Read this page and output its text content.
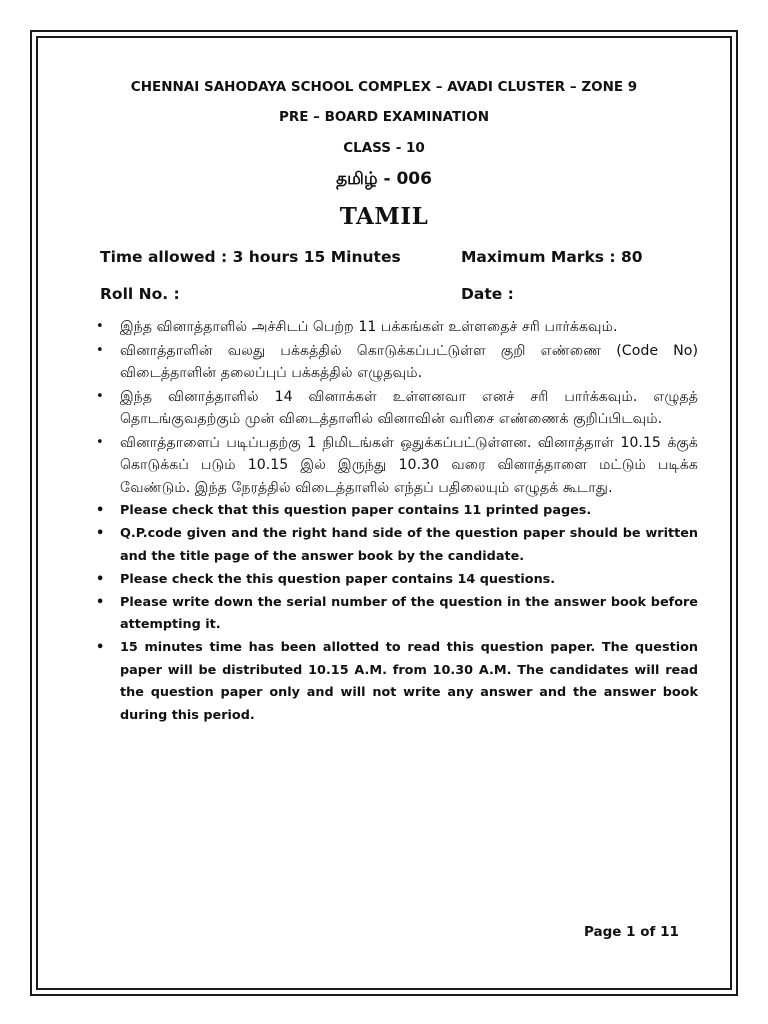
CHENNAI SAHODAYA SCHOOL COMPLEX – AVADI CLUSTER – ZONE 9
PRE – BOARD EXAMINATION
CLASS - 10
தமிழ் - 006
TAMIL
Time allowed : 3 hours 15 Minutes	Maximum Marks : 80
Roll No. :	Date :
• இந்த வினாத்தாளில் அச்சிடப் பெற்ற 11 பக்கங்கள் உள்ளதைச் சரி பார்க்கவும்.
• வினாத்தாளின் வலது பக்கத்தில் கொடுக்கப்பட்டுள்ள குறி எண்ணை (Code No) விடைத்தாளின் தலைப்புப் பக்கத்தில் எழுதவும்.
• இந்த வினாத்தாளில் 14 வினாக்கள் உள்ளனவா எனச் சரி பார்க்கவும். எழுதத் தொடங்குவதற்கும் முன் விடைத்தாளில் வினாவின் வரிசை எண்ணைக் குறிப்பிடவும்.
• வினாத்தாளைப் படிப்பதற்கு 1 நிமிடங்கள் ஒதுக்கப்பட்டுள்ளன. வினாத்தாள் 10.15 க்குக் கொடுக்கப் படும் 10.15 இல் இருந்து 10.30 வரை வினாத்தாளை மட்டும் படிக்க வேண்டும். இந்த நேரத்தில் விடைத்தாளில் எந்தப் பதிலையும் எழுதக் கூடாது.
• Please check that this question paper contains 11 printed pages.
• Q.P.code given and the right hand side of the question paper should be written and the title page of the answer book by the candidate.
• Please check the this question paper contains 14 questions.
• Please write down the serial number of the question in the answer book before attempting it.
• 15 minutes time has been allotted to read this question paper. The question paper will be distributed 10.15 A.M. from 10.30 A.M. The candidates will read the question paper only and will not write any answer and the answer book during this period.
Page 1 of 11
